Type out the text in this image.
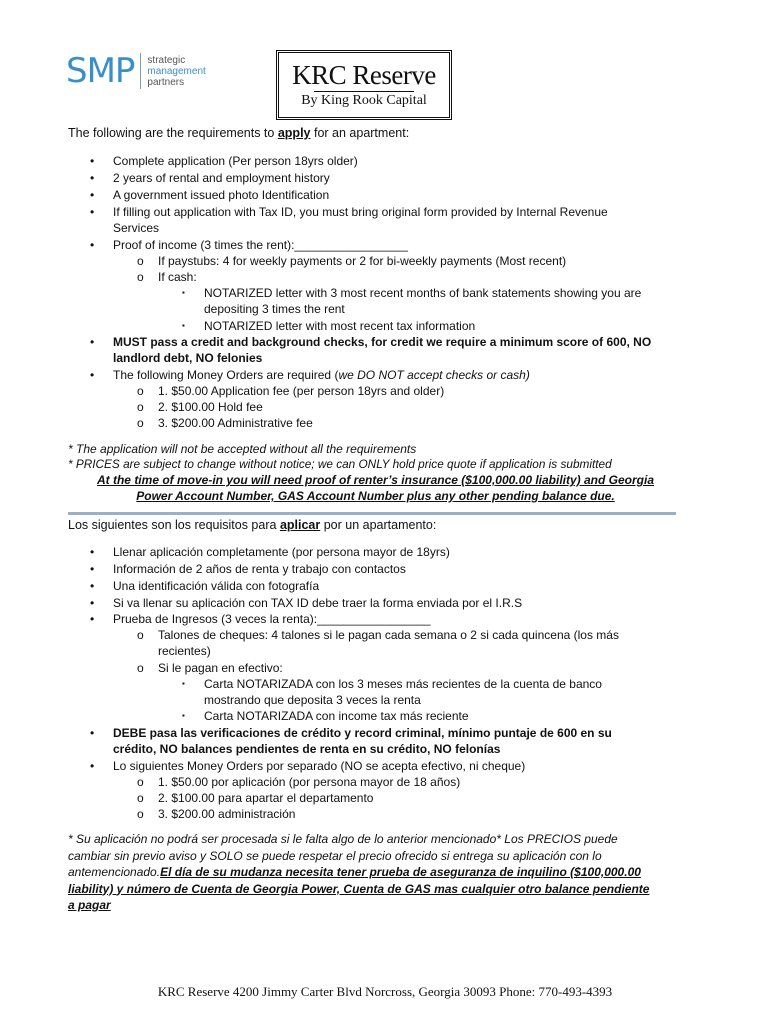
SMP strategic
management
partners	KRC Reserve
By King Rook Capital
The following are the requirements to apply for an apartment:
• Complete application (Per person 18yrs older)
• 2 years of rental and employment history
• A government issued photo Identification
• If filling out application with Tax ID, you must bring original form provided by Internal Revenue
Services
• Proof of income (3 times the rent):_________________
o If paystubs: 4 for weekly payments or 2 for bi-weekly payments (Most recent)
o If cash:
▪ NOTARIZED letter with 3 most recent months of bank statements showing you are
depositing 3 times the rent
▪ NOTARIZED letter with most recent tax information
• MUST pass a credit and background checks, for credit we require a minimum score of 600, NO
landlord debt, NO felonies
• The following Money Orders are required (we DO NOT accept checks or cash)
o 1. $50.00 Application fee (per person 18yrs and older)
o 2. $100.00 Hold fee
o 3. $200.00 Administrative fee
* The application will not be accepted without all the requirements
* PRICES are subject to change without notice; we can ONLY hold price quote if application is submitted
At the time of move-in you will need proof of renter’s insurance ($100,000.00 liability) and Georgia
Power Account Number, GAS Account Number plus any other pending balance due.
Los siguientes son los requisitos para aplicar por un apartamento:
• Llenar aplicación completamente (por persona mayor de 18yrs)
• Información de 2 años de renta y trabajo con contactos
• Una identificación válida con fotografía
• Si va llenar su aplicación con TAX ID debe traer la forma enviada por el I.R.S
• Prueba de Ingresos (3 veces la renta):_________________
o Talones de cheques: 4 talones si le pagan cada semana o 2 si cada quincena (los más
recientes)
o Si le pagan en efectivo:
▪ Carta NOTARIZADA con los 3 meses más recientes de la cuenta de banco
mostrando que deposita 3 veces la renta
▪ Carta NOTARIZADA con income tax más reciente
• DEBE pasa las verificaciones de crédito y record criminal, mínimo puntaje de 600 en su
crédito, NO balances pendientes de renta en su crédito, NO felonías
• Lo siguientes Money Orders por separado (NO se acepta efectivo, ni cheque)
o 1. $50.00 por aplicación (por persona mayor de 18 años)
o 2. $100.00 para apartar el departamento
o 3. $200.00 administración
* Su aplicación no podrá ser procesada si le falta algo de lo anterior mencionado* Los PRECIOS puede
cambiar sin previo aviso y SOLO se puede respetar el precio ofrecido si entrega su aplicación con lo
antemencionado.El día de su mudanza necesita tener prueba de aseguranza de inquilino ($100,000.00
liability) y número de Cuenta de Georgia Power, Cuenta de GAS mas cualquier otro balance pendiente
a pagar
KRC Reserve 4200 Jimmy Carter Blvd Norcross, Georgia 30093 Phone: 770-493-4393
